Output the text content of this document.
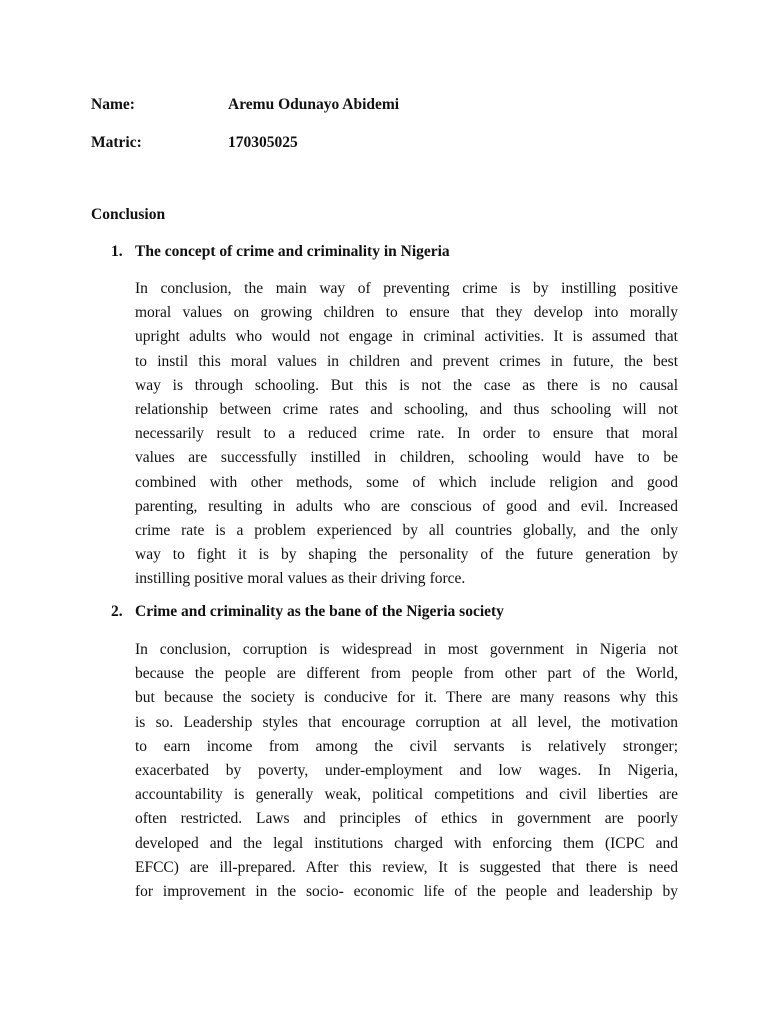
Name:	Aremu Odunayo Abidemi
Matric:	170305025
Conclusion
1. The concept of crime and criminality in Nigeria
In conclusion, the main way of preventing crime is by instilling positive
moral values on growing children to ensure that they develop into morally
upright adults who would not engage in criminal activities. It is assumed that
to instil this moral values in children and prevent crimes in future, the best
way is through schooling. But this is not the case as there is no causal
relationship between crime rates and schooling, and thus schooling will not
necessarily result to a reduced crime rate. In order to ensure that moral
values are successfully instilled in children, schooling would have to be
combined with other methods, some of which include religion and good
parenting, resulting in adults who are conscious of good and evil. Increased
crime rate is a problem experienced by all countries globally, and the only
way to fight it is by shaping the personality of the future generation by
instilling positive moral values as their driving force.
2. Crime and criminality as the bane of the Nigeria society
In conclusion, corruption is widespread in most government in Nigeria not
because the people are different from people from other part of the World,
but because the society is conducive for it. There are many reasons why this
is so. Leadership styles that encourage corruption at all level, the motivation
to earn income from among the civil servants is relatively stronger;
exacerbated by poverty, under-employment and low wages. In Nigeria,
accountability is generally weak, political competitions and civil liberties are
often restricted. Laws and principles of ethics in government are poorly
developed and the legal institutions charged with enforcing them (ICPC and
EFCC) are ill-prepared. After this review, It is suggested that there is need
for improvement in the socio- economic life of the people and leadership by
